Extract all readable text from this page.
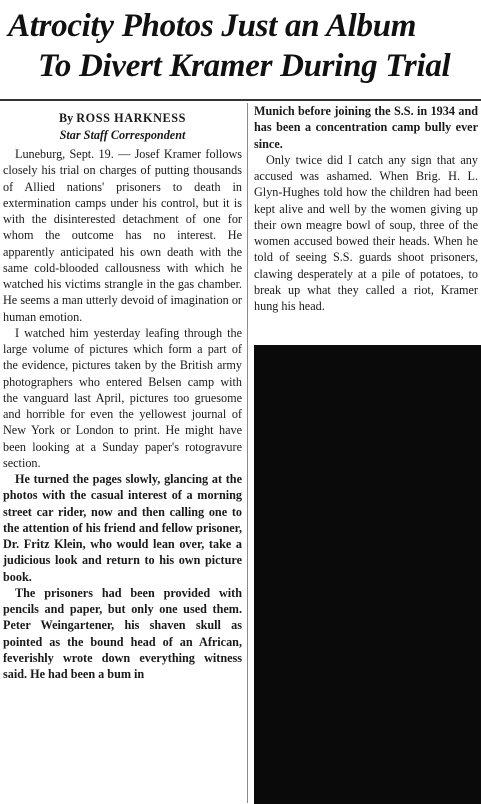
Atrocity Photos Just an Album
To Divert Kramer During Trial
By ROSS HARKNESS
Star Staff Correspondent

Luneburg, Sept. 19. — Josef Kramer follows closely his trial on charges of putting thousands of Allied nations' prisoners to death in extermination camps under his control, but it is with the disinterested detachment of one for whom the outcome has no interest. He apparently anticipated his own death with the same cold-blooded callousness with which he watched his victims strangle in the gas chamber. He seems a man utterly devoid of imagination or human emotion.

I watched him yesterday leafing through the large volume of pictures which form a part of the evidence, pictures taken by the British army photographers who entered Belsen camp with the vanguard last April, pictures too gruesome and horrible for even the yellowest journal of New York or London to print. He might have been looking at a Sunday paper's rotogravure section.

He turned the pages slowly, glancing at the photos with the casual interest of a morning street car rider, now and then calling one to the attention of his friend and fellow prisoner, Dr. Fritz Klein, who would lean over, take a judicious look and return to his own picture book.

The prisoners had been provided with pencils and paper, but only one used them. Peter Weingartener, his shaven skull as pointed as the bound head of an African, feverishly wrote down everything witness said. He had been a bum in

Munich before joining the S.S. in 1934 and has been a concentration camp bully ever since.

Only twice did I catch any sign that any accused was ashamed. When Brig. H. L. Glyn-Hughes told how the children had been kept alive and well by the women giving up their own meagre bowl of soup, three of the women accused bowed their heads. When he told of seeing S.S. guards shoot prisoners, clawing desperately at a pile of potatoes, to break up what they called a riot, Kramer hung his head.
